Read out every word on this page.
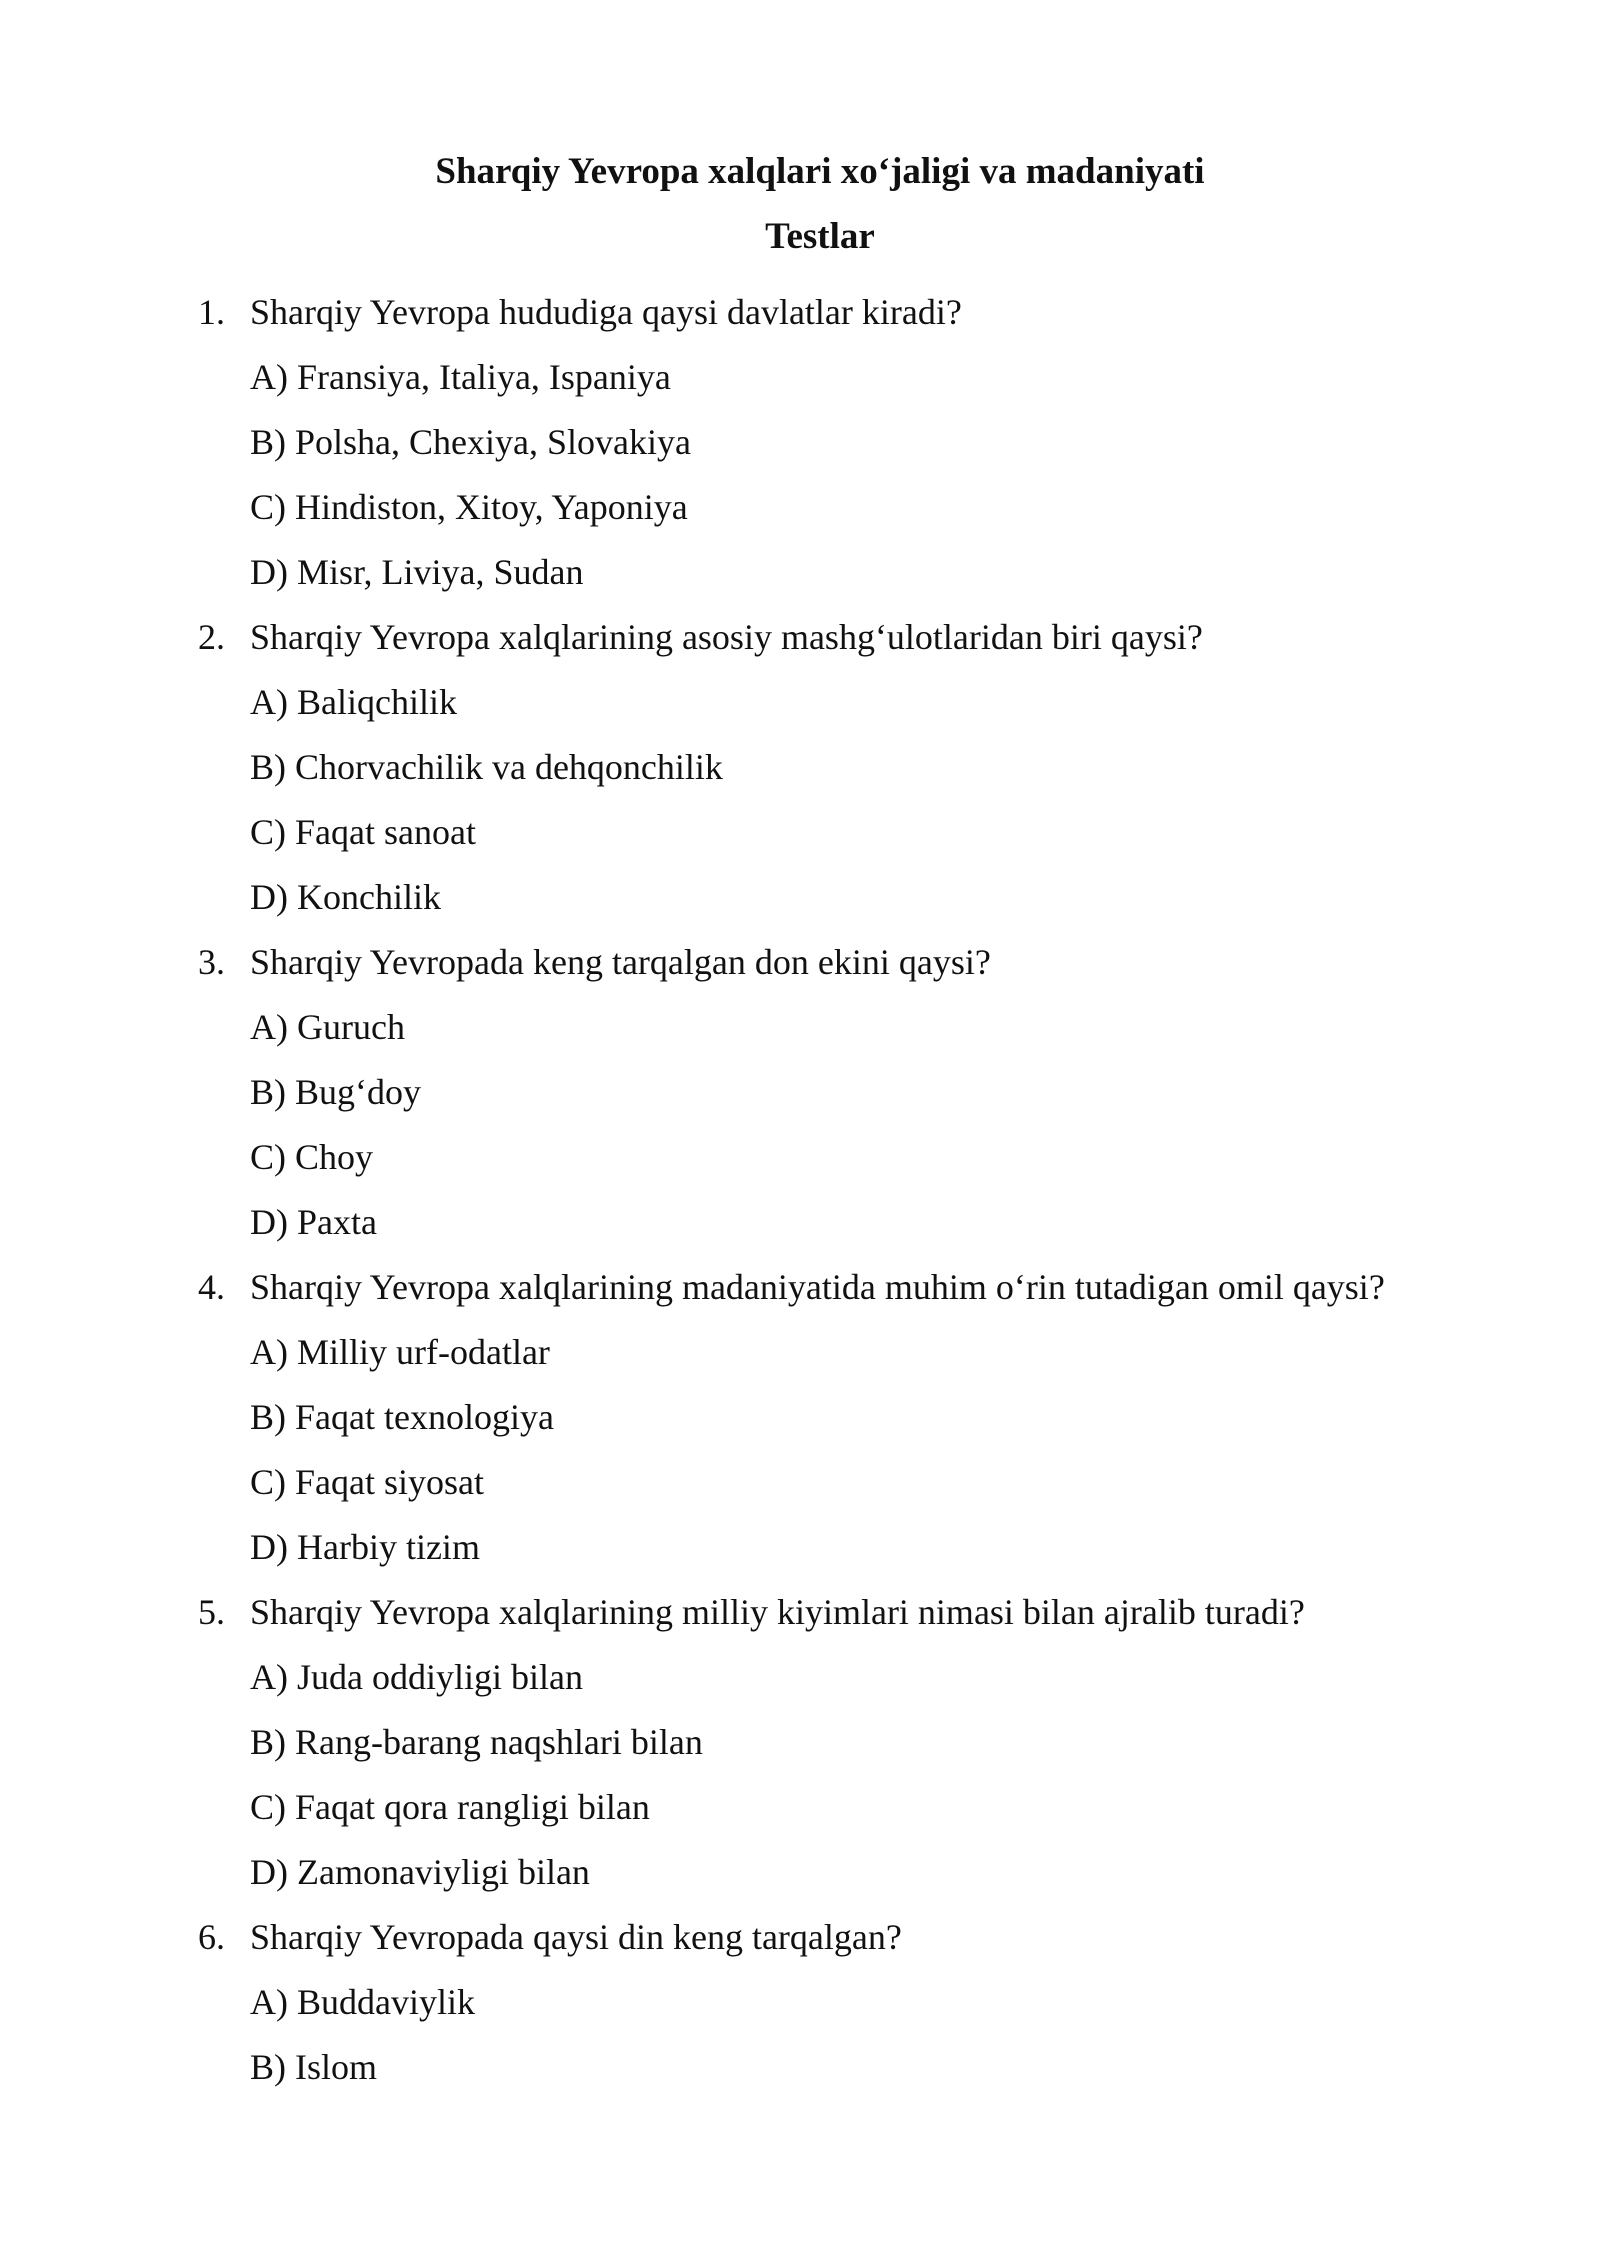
Sharqiy Yevropa xalqlari xo‘jaligi va madaniyati
Testlar
1. Sharqiy Yevropa hududiga qaysi davlatlar kiradi?
A) Fransiya, Italiya, Ispaniya
B) Polsha, Chexiya, Slovakiya
C) Hindiston, Xitoy, Yaponiya
D) Misr, Liviya, Sudan
2. Sharqiy Yevropa xalqlarining asosiy mashg‘ulotlaridan biri qaysi?
A) Baliqchilik
B) Chorvachilik va dehqonchilik
C) Faqat sanoat
D) Konchilik
3. Sharqiy Yevropada keng tarqalgan don ekini qaysi?
A) Guruch
B) Bug‘doy
C) Choy
D) Paxta
4. Sharqiy Yevropa xalqlarining madaniyatida muhim o‘rin tutadigan omil qaysi?
A) Milliy urf-odatlar
B) Faqat texnologiya
C) Faqat siyosat
D) Harbiy tizim
5. Sharqiy Yevropa xalqlarining milliy kiyimlari nimasi bilan ajralib turadi?
A) Juda oddiyligi bilan
B) Rang-barang naqshlari bilan
C) Faqat qora rangligi bilan
D) Zamonaviyligi bilan
6. Sharqiy Yevropada qaysi din keng tarqalgan?
A) Buddaviylik
B) Islom
